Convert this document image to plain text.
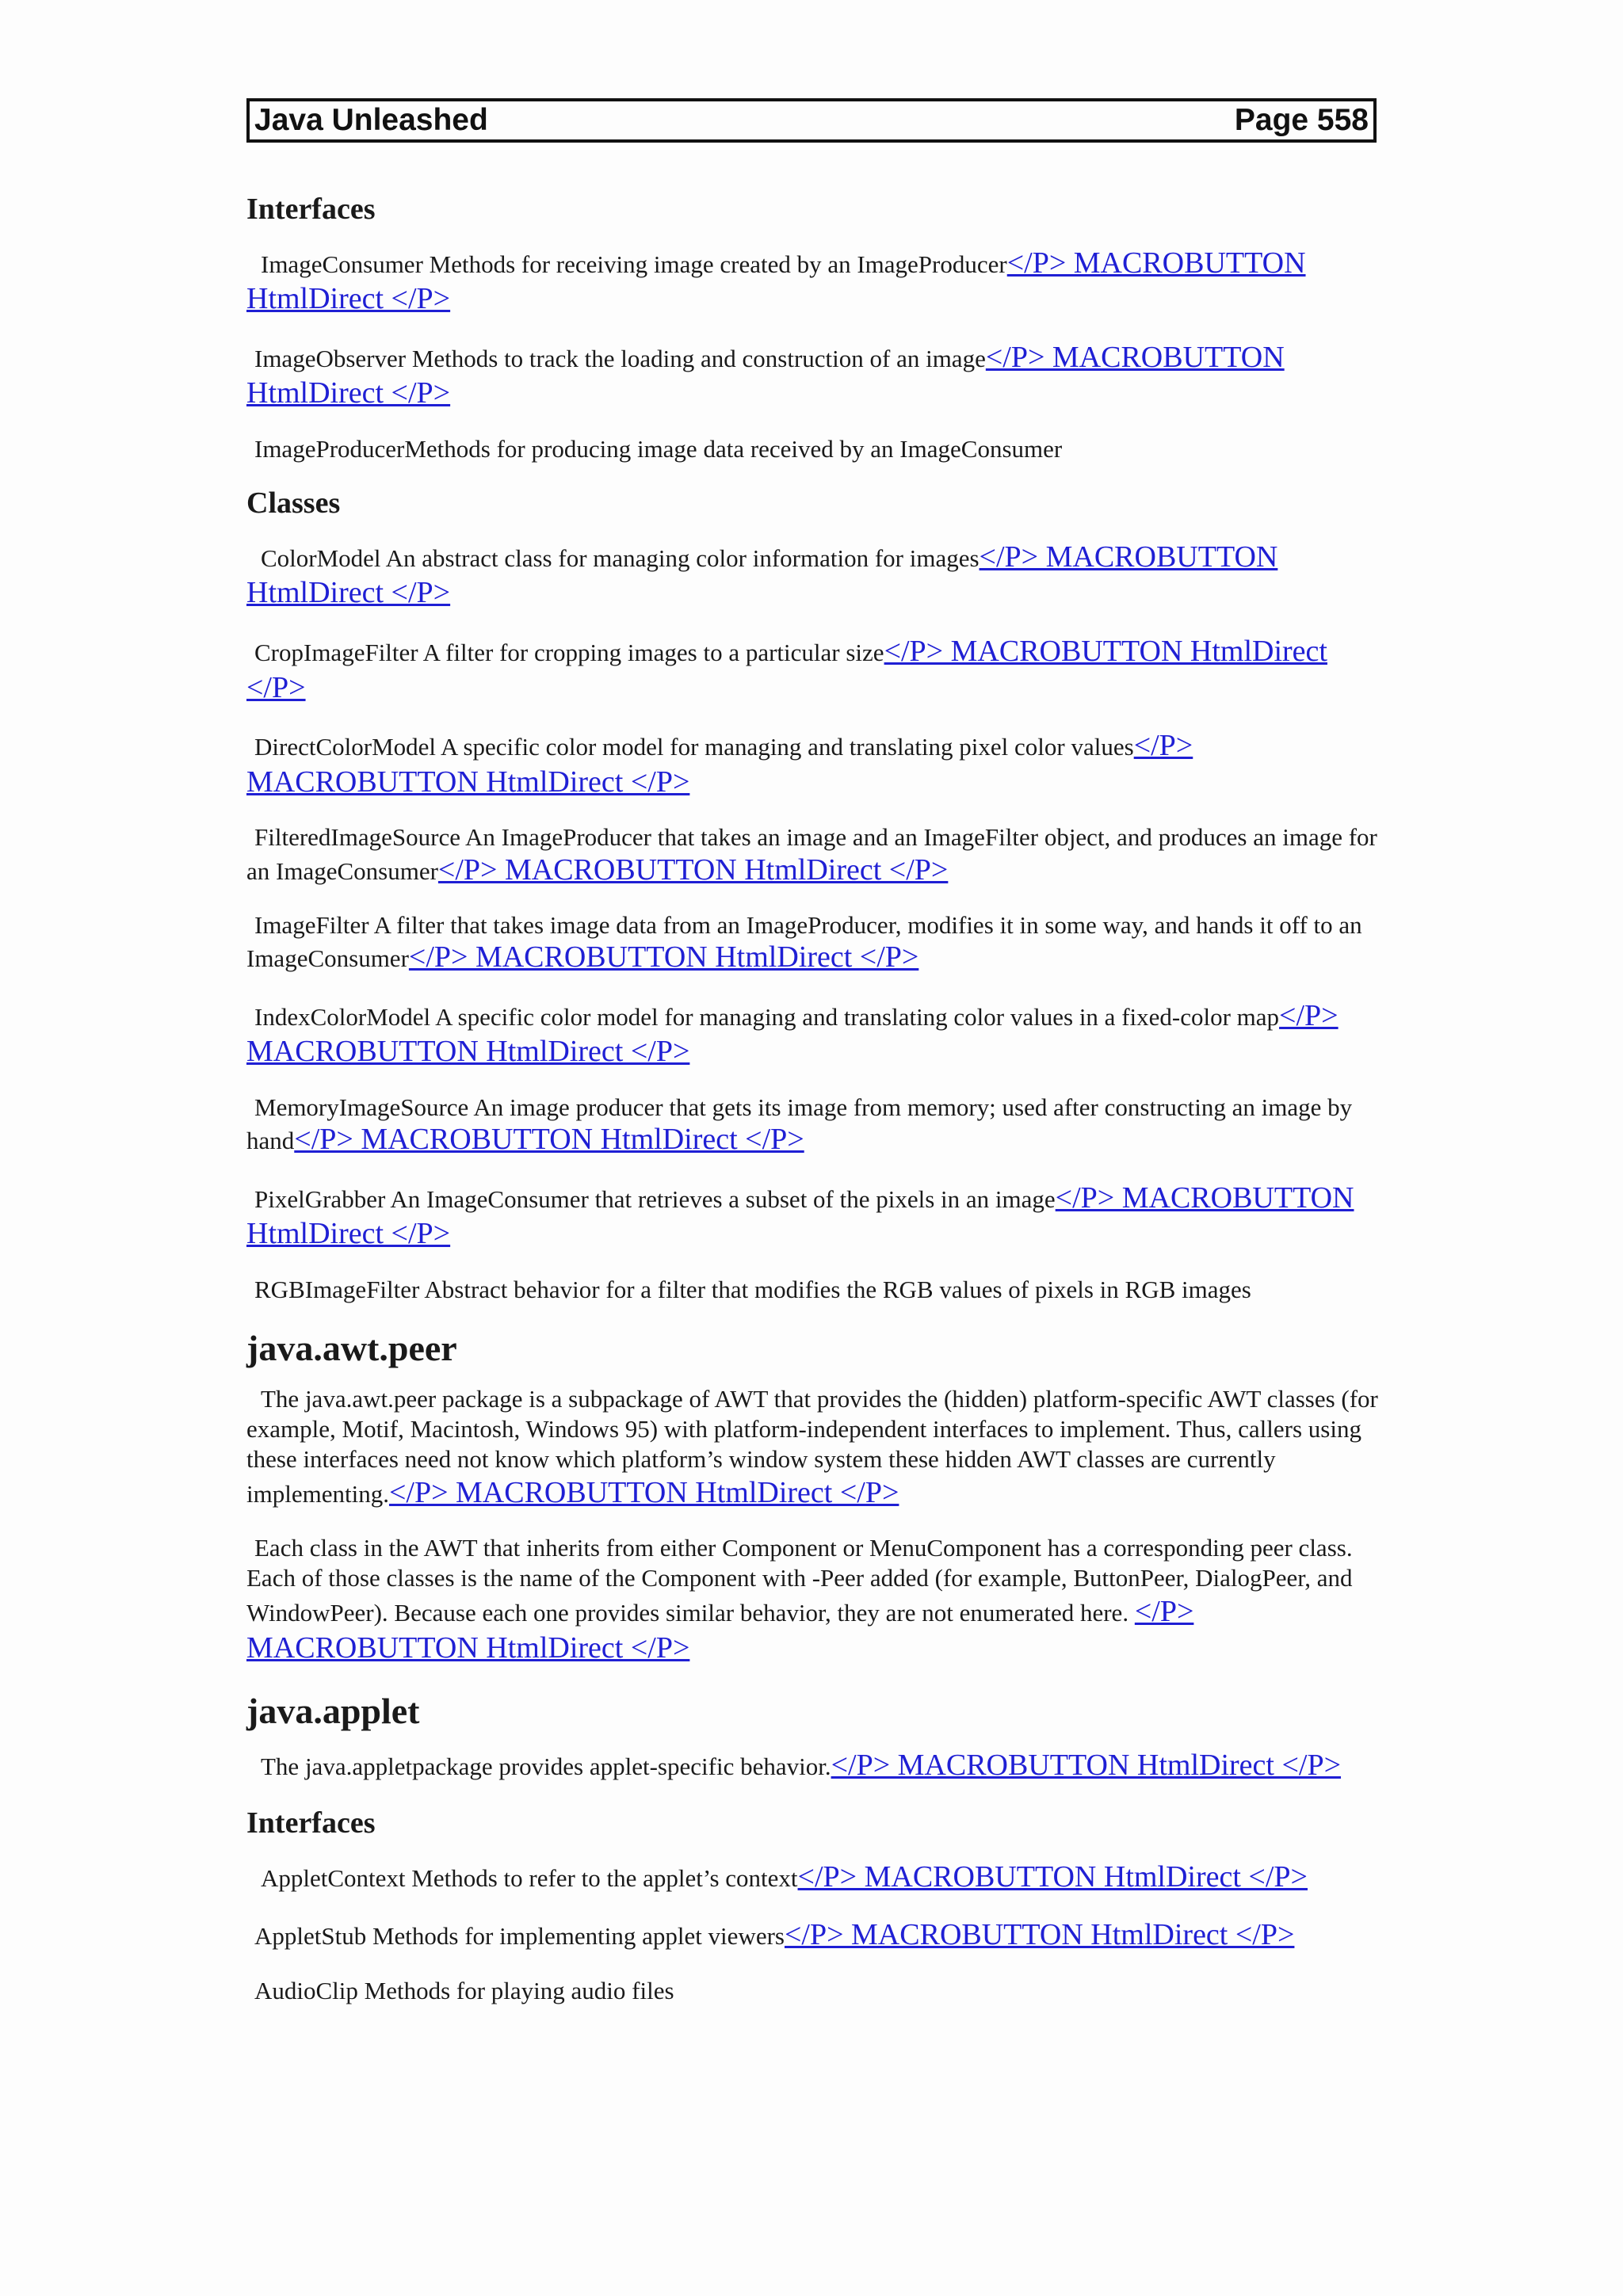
Java Unleashed	Page 558
Interfaces

ImageConsumer Methods for receiving image created by an ImageProducer</P> MACROBUTTON HtmlDirect </P>

ImageObserver Methods to track the loading and construction of an image</P> MACROBUTTON HtmlDirect </P>

ImageProducerMethods for producing image data received by an ImageConsumer

Classes

ColorModel An abstract class for managing color information for images</P> MACROBUTTON HtmlDirect </P>

CropImageFilter A filter for cropping images to a particular size</P> MACROBUTTON HtmlDirect </P>

DirectColorModel A specific color model for managing and translating pixel color values</P> MACROBUTTON HtmlDirect </P>

FilteredImageSource An ImageProducer that takes an image and an ImageFilter object, and produces an image for an ImageConsumer</P> MACROBUTTON HtmlDirect </P>

ImageFilter A filter that takes image data from an ImageProducer, modifies it in some way, and hands it off to an ImageConsumer</P> MACROBUTTON HtmlDirect </P>

IndexColorModel A specific color model for managing and translating color values in a fixed-color map</P> MACROBUTTON HtmlDirect </P>

MemoryImageSource An image producer that gets its image from memory; used after constructing an image by hand</P> MACROBUTTON HtmlDirect </P>

PixelGrabber An ImageConsumer that retrieves a subset of the pixels in an image</P> MACROBUTTON HtmlDirect </P>

RGBImageFilter Abstract behavior for a filter that modifies the RGB values of pixels in RGB images

java.awt.peer

The java.awt.peer package is a subpackage of AWT that provides the (hidden) platform-specific AWT classes (for example, Motif, Macintosh, Windows 95) with platform-independent interfaces to implement. Thus, callers using these interfaces need not know which platform’s window system these hidden AWT classes are currently implementing.</P> MACROBUTTON HtmlDirect </P>

Each class in the AWT that inherits from either Component or MenuComponent has a corresponding peer class. Each of those classes is the name of the Component with -Peer added (for example, ButtonPeer, DialogPeer, and WindowPeer). Because each one provides similar behavior, they are not enumerated here. </P> MACROBUTTON HtmlDirect </P>

java.applet

The java.appletpackage provides applet-specific behavior.</P> MACROBUTTON HtmlDirect </P>

Interfaces

AppletContext Methods to refer to the applet’s context</P> MACROBUTTON HtmlDirect </P>

AppletStub Methods for implementing applet viewers</P> MACROBUTTON HtmlDirect </P>

AudioClip Methods for playing audio files
